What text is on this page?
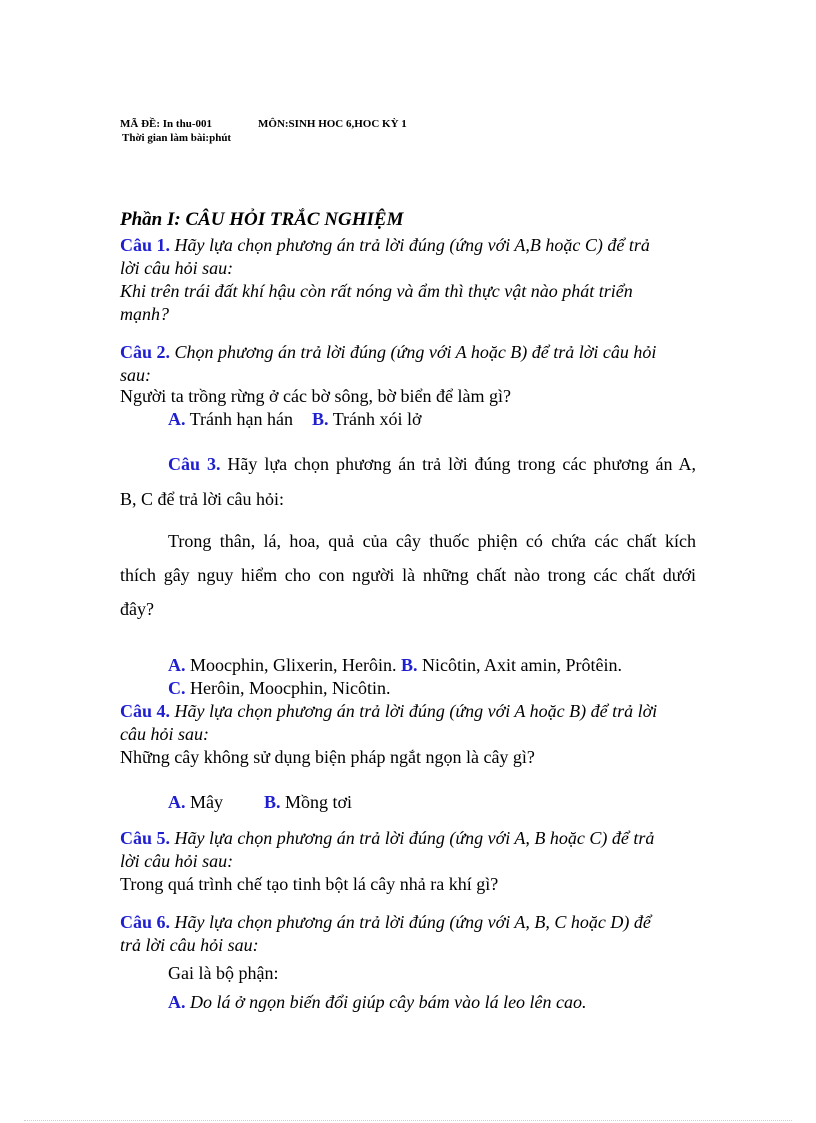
MÃ ĐỀ: In thu-001	MÔN:SINH HOC 6,HOC KỲ 1
Thời gian làm bài:phút
Phần I: CÂU HỎI TRẮC NGHIỆM
Câu 1. Hãy lựa chọn phương án trả lời đúng (ứng với A,B hoặc C) để trả
lời câu hỏi sau:
Khi trên trái đất khí hậu còn rất nóng và ẩm thì thực vật nào phát triển
mạnh?
Câu 2. Chọn phương án trả lời đúng (ứng với A hoặc B) để trả lời câu hỏi
sau:
Người ta trồng rừng ở các bờ sông, bờ biển để làm gì?
A. Tránh hạn hán B. Tránh xói lở
Câu 3. Hãy lựa chọn phương án trả lời đúng trong các phương án A,
B, C để trả lời câu hỏi:
Trong thân, lá, hoa, quả của cây thuốc phiện có chứa các chất kích
thích gây nguy hiểm cho con người là những chất nào trong các chất dưới
đây?
A. Moocphin, Glixerin, Herôin. B. Nicôtin, Axit amin, Prôtêin.
C. Herôin, Moocphin, Nicôtin.
Câu 4. Hãy lựa chọn phương án trả lời đúng (ứng với A hoặc B) để trả lời
câu hỏi sau:
Những cây không sử dụng biện pháp ngắt ngọn là cây gì?
A. Mây B. Mồng tơi
Câu 5. Hãy lựa chọn phương án trả lời đúng (ứng với A, B hoặc C) để trả
lời câu hỏi sau:
Trong quá trình chế tạo tinh bột lá cây nhả ra khí gì?
Câu 6. Hãy lựa chọn phương án trả lời đúng (ứng với A, B, C hoặc D) để
trả lời câu hỏi sau:
Gai là bộ phận:
A. Do lá ở ngọn biến đổi giúp cây bám vào lá leo lên cao.
